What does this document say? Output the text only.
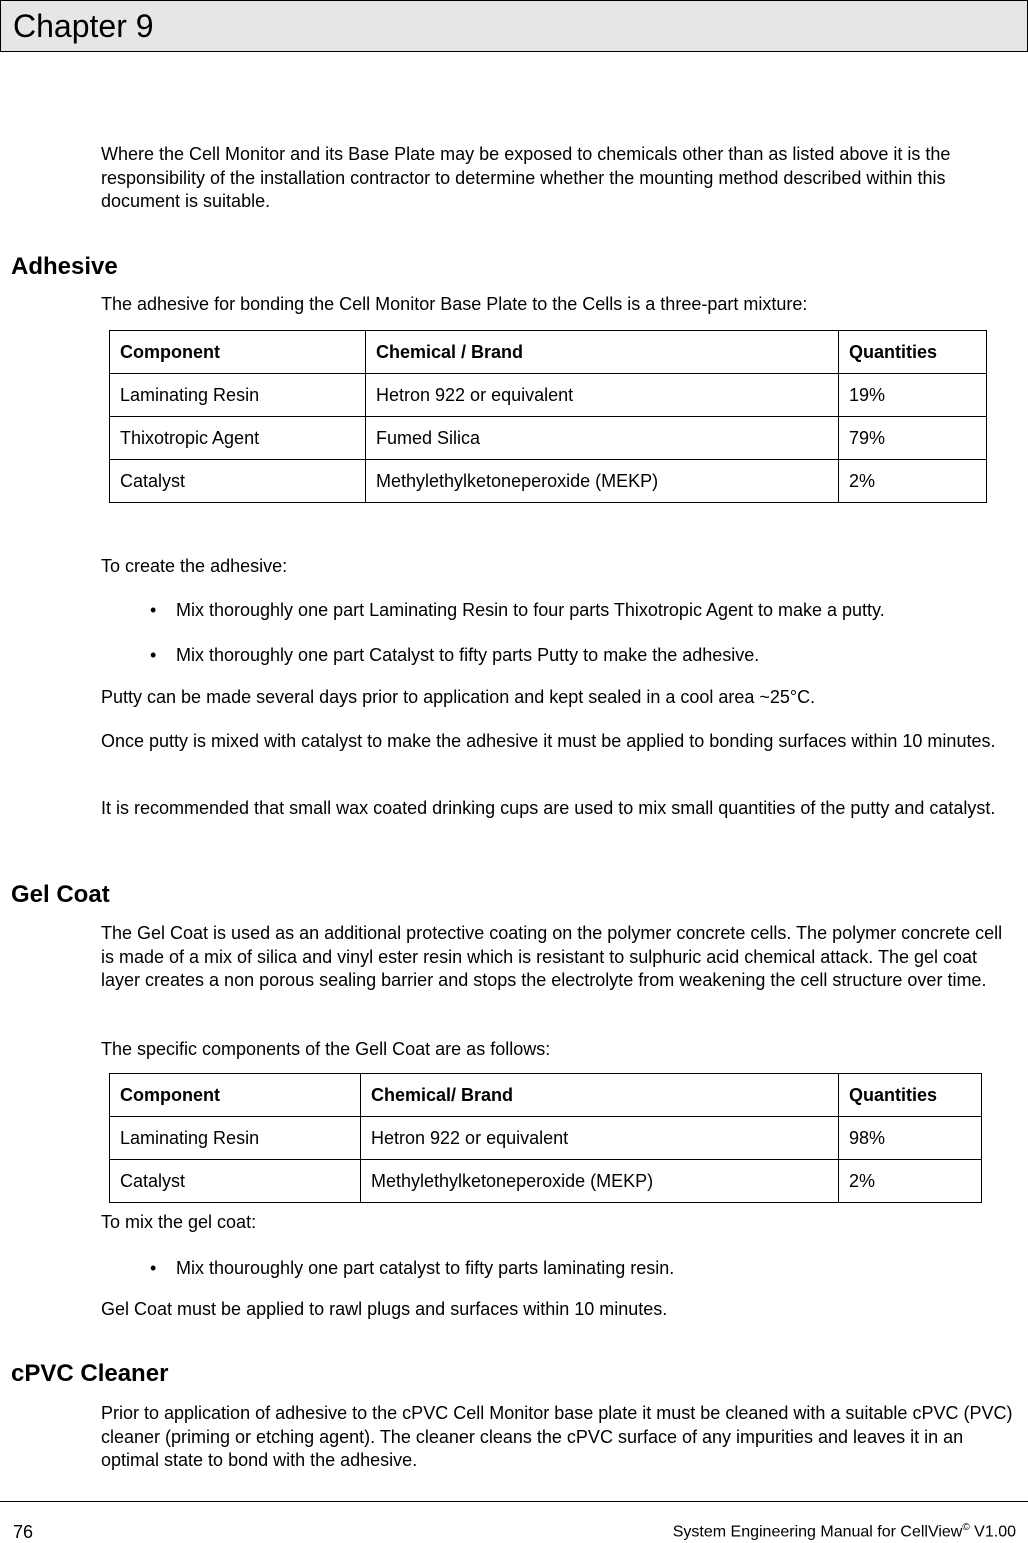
Chapter 9
Where the Cell Monitor and its Base Plate may be exposed to chemicals other than as listed above it is the responsibility of the installation contractor to determine whether the mounting method described within this document is suitable.
Adhesive
The adhesive for bonding the Cell Monitor Base Plate to the Cells is a three-part mixture:
Component	Chemical / Brand	Quantities
Laminating Resin	Hetron 922 or equivalent	19%
Thixotropic Agent	Fumed Silica	79%
Catalyst	Methylethylketoneperoxide (MEKP)	2%
To create the adhesive:
• Mix thoroughly one part Laminating Resin to four parts Thixotropic Agent to make a putty.
• Mix thoroughly one part Catalyst to fifty parts Putty to make the adhesive.
Putty can be made several days prior to application and kept sealed in a cool area ~25°C.
Once putty is mixed with catalyst to make the adhesive it must be applied to bonding surfaces within 10 minutes.
It is recommended that small wax coated drinking cups are used to mix small quantities of the putty and catalyst.
Gel Coat
The Gel Coat is used as an additional protective coating on the polymer concrete cells. The polymer concrete cell is made of a mix of silica and vinyl ester resin which is resistant to sulphuric acid chemical attack. The gel coat layer creates a non porous sealing barrier and stops the electrolyte from weakening the cell structure over time.
The specific components of the Gell Coat are as follows:
Component	Chemical/ Brand	Quantities
Laminating Resin	Hetron 922 or equivalent	98%
Catalyst	Methylethylketoneperoxide (MEKP)	2%
To mix the gel coat:
• Mix thouroughly one part catalyst to fifty parts laminating resin.
Gel Coat must be applied to rawl plugs and surfaces within 10 minutes.
cPVC Cleaner
Prior to application of adhesive to the cPVC Cell Monitor base plate it must be cleaned with a suitable cPVC (PVC) cleaner (priming or etching agent). The cleaner cleans the cPVC surface of any impurities and leaves it in an optimal state to bond with the adhesive.
76	System Engineering Manual for CellView© V1.00
